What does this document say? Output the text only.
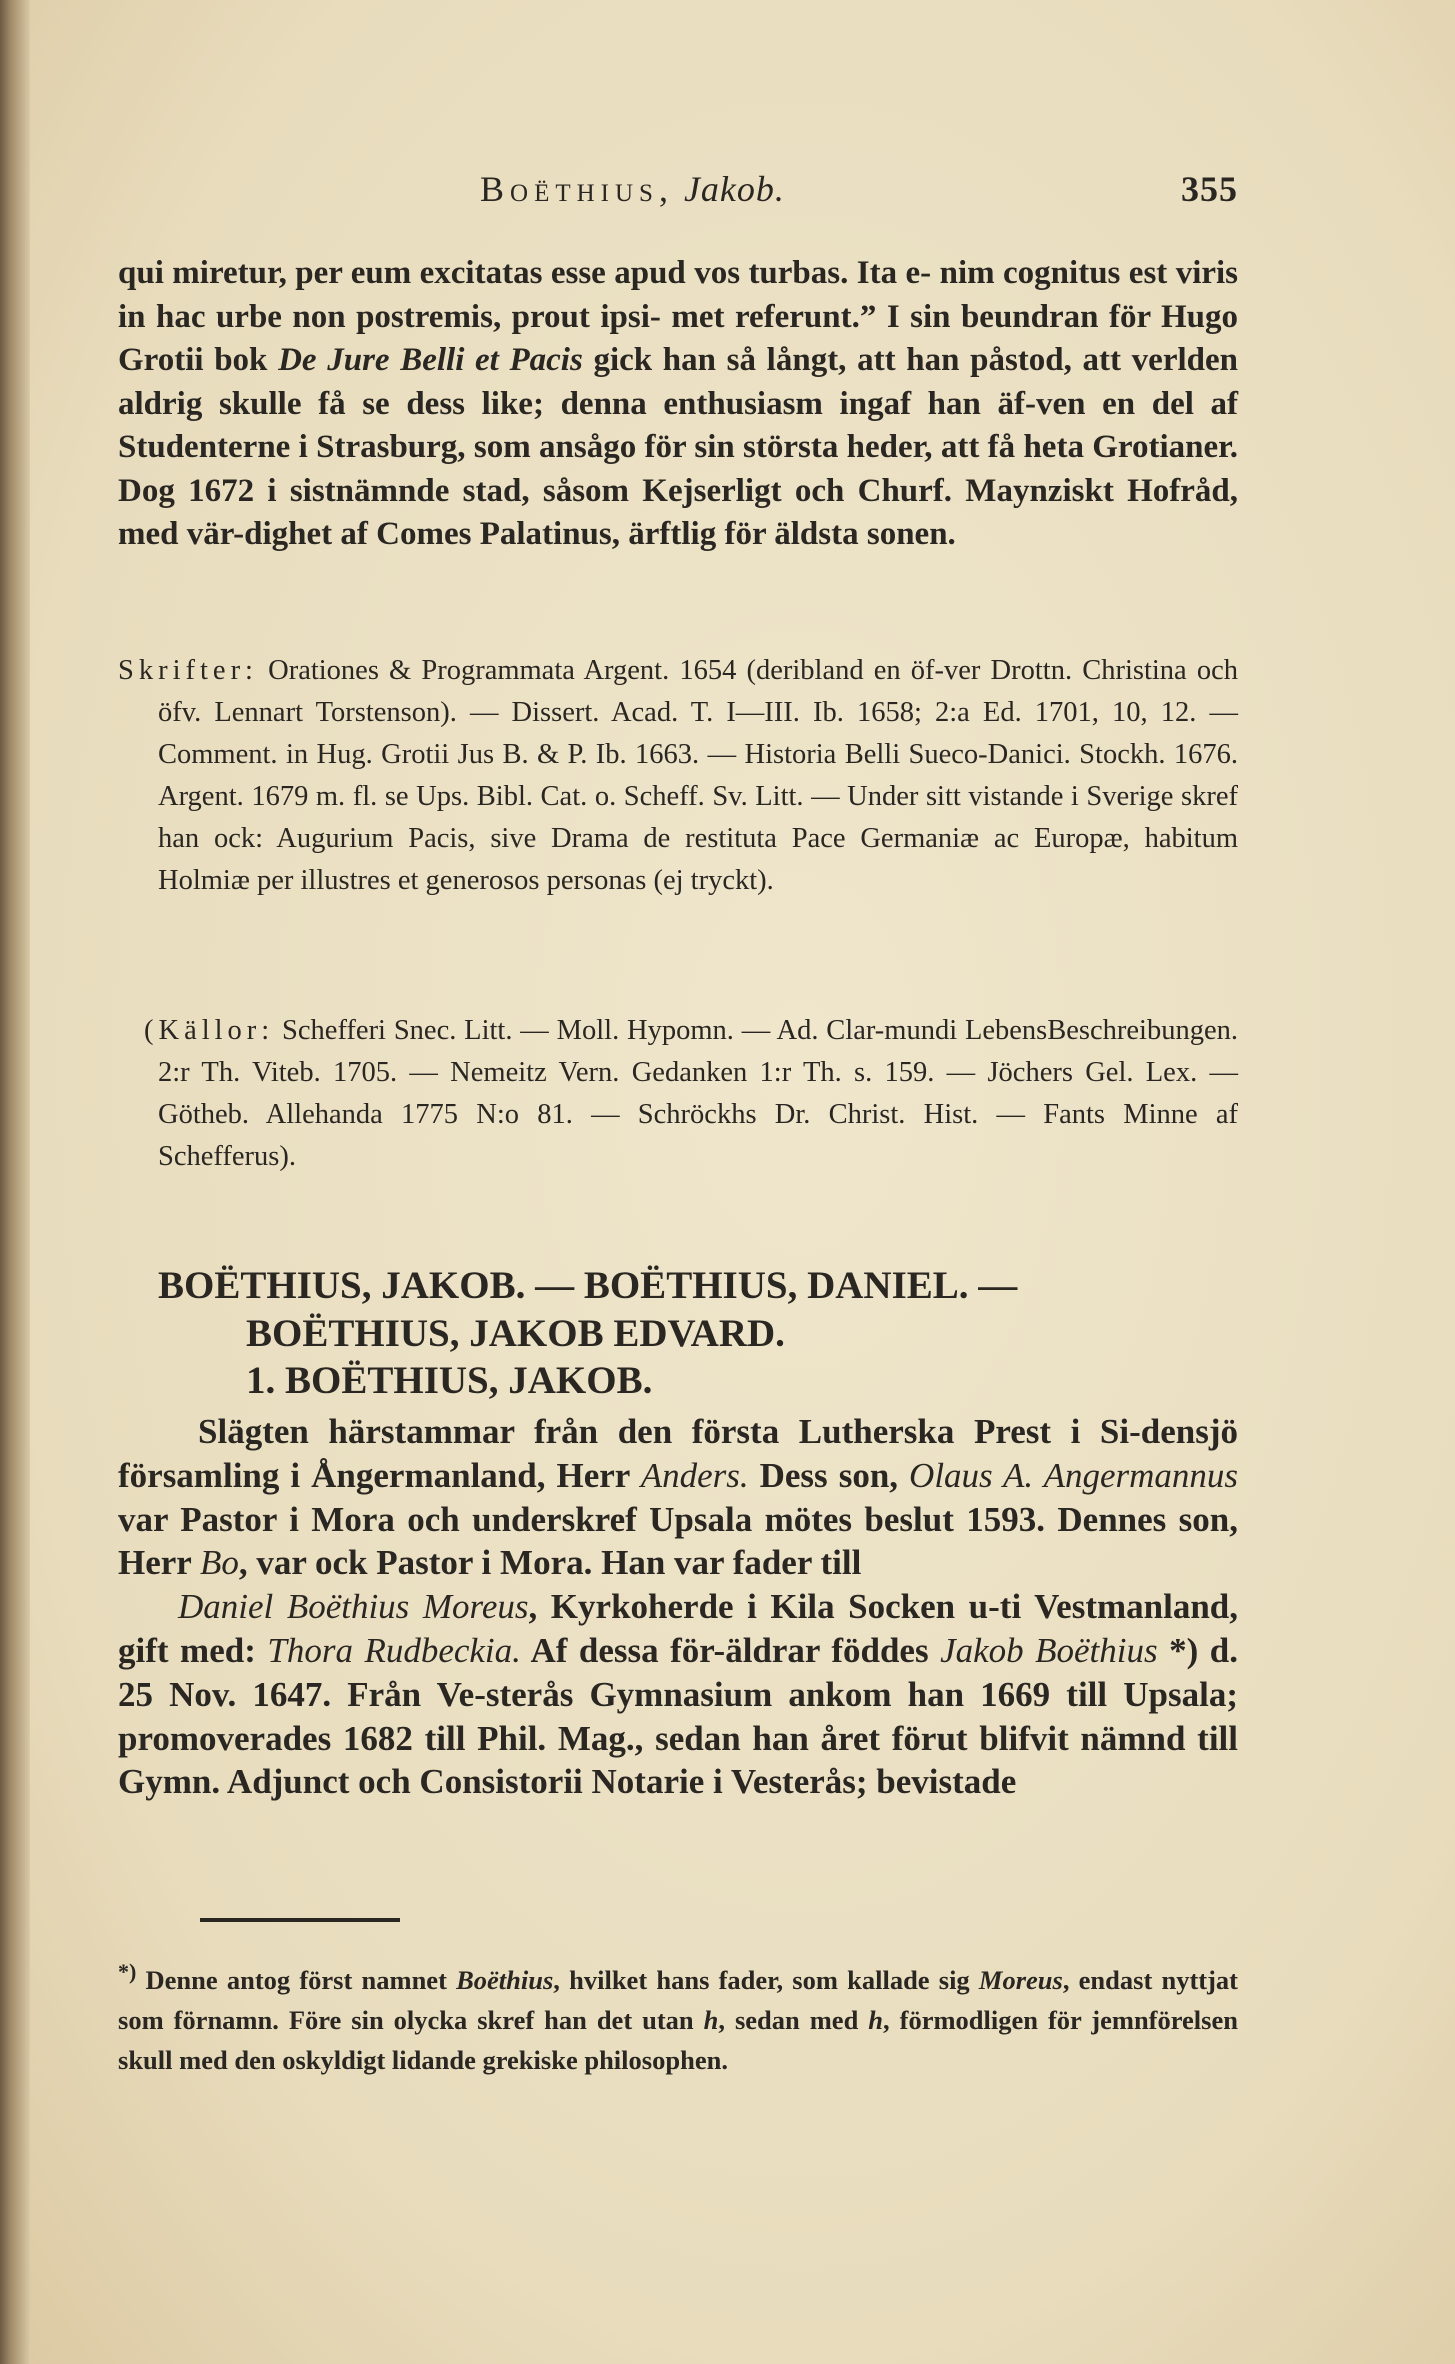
Boëthius, Jakob.	355

qui miretur, per eum excitatas esse apud vos turbas. Ita e- nim cognitus est viris in hac urbe non postremis, prout ipsi- met referunt.” I sin beundran för Hugo Grotii bok De Jure Belli et Pacis gick han så långt, att han påstod, att verlden aldrig skulle få se dess like; denna enthusiasm ingaf han äf-ven en del af Studenterne i Strasburg, som ansågo för sin största heder, att få heta Grotianer. Dog 1672 i sistnämnde stad, såsom Kejserligt och Churf. Maynziskt Hofråd, med vär-dighet af Comes Palatinus, ärftlig för äldsta sonen.

Skrifter: Orationes & Programmata Argent. 1654 (deribland en öf-ver Drottn. Christina och öfv. Lennart Torstenson). — Dissert. Acad. T. I—III. Ib. 1658; 2:a Ed. 1701, 10, 12. — Comment. in Hug. Grotii Jus B. & P. Ib. 1663. — Historia Belli Sueco-Danici. Stockh. 1676. Argent. 1679 m. fl. se Ups. Bibl. Cat. o. Scheff. Sv. Litt. — Under sitt vistande i Sverige skref han ock: Augurium Pacis, sive Drama de restituta Pace Germaniæ ac Europæ, habitum Holmiæ per illustres et generosos personas (ej tryckt).

(Källor: Schefferi Snec. Litt. — Moll. Hypomn. — Ad. Clar-mundi LebensBeschreibungen. 2:r Th. Viteb. 1705. — Nemeitz Vern. Gedanken 1:r Th. s. 159. — Jöchers Gel. Lex. — Götheb. Allehanda 1775 N:o 81. — Schröckhs Dr. Christ. Hist. — Fants Minne af Schefferus).

BOËTHIUS, JAKOB. — BOËTHIUS, DANIEL. —
BOËTHIUS, JAKOB EDVARD.
1. BOËTHIUS, JAKOB.

Slägten härstammar från den första Lutherska Prest i Si-densjö församling i Ångermanland, Herr Anders. Dess son, Olaus A. Angermannus var Pastor i Mora och underskref Upsala mötes beslut 1593. Dennes son, Herr Bo, var ock Pastor i Mora. Han var fader till
Daniel Boëthius Moreus, Kyrkoherde i Kila Socken u-ti Vestmanland, gift med: Thora Rudbeckia. Af dessa för-äldrar föddes Jakob Boëthius *) d. 25 Nov. 1647. Från Ve-sterås Gymnasium ankom han 1669 till Upsala; promoverades 1682 till Phil. Mag., sedan han året förut blifvit nämnd till Gymn. Adjunct och Consistorii Notarie i Vesterås; bevistade

*) Denne antog först namnet Boëthius, hvilket hans fader, som kallade sig Moreus, endast nyttjat som förnamn. Före sin olycka skref han det utan h, sedan med h, förmodligen för jemnförelsen skull med den oskyldigt lidande grekiske philosophen.
